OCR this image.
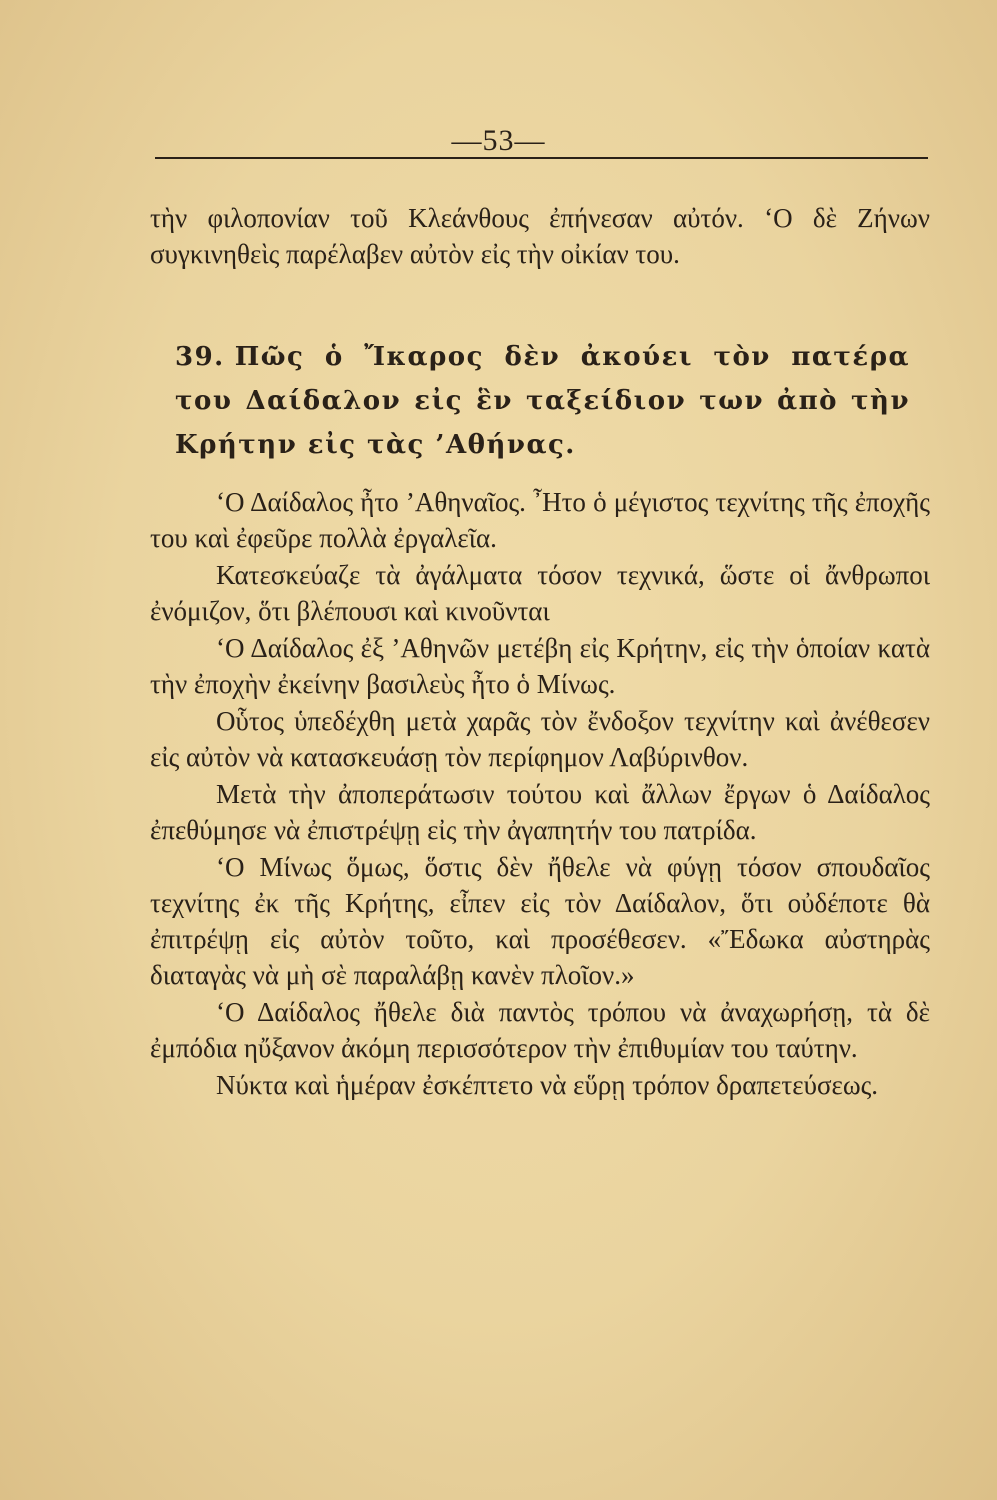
—53—
τὴν φιλοπονίαν τοῦ Κλεάνθους ἐπήνεσαν αὐτόν. ‘Ο δὲ Ζήνων συγκινηθεὶς παρέλαβεν αὐτὸν εἰς τὴν οἰκίαν του.
39. Πῶς ὁ Ἴκαρος δὲν ἀκούει τὸν πατέρα του Δαίδαλον εἰς ἓν ταξείδιον των ἀπὸ τὴν Κρήτην εἰς τὰς ’Αθήνας.

‘Ο Δαίδαλος ἦτο ’Αθηναῖος. ῏Ητο ὁ μέγιστος τεχνίτης τῆς ἐποχῆς του καὶ ἐφεῦρε πολλὰ ἐργαλεῖα.

Κατεσκεύαζε τὰ ἀγάλματα τόσον τεχνικά, ὥστε οἱ ἄνθρωποι ἐνόμιζον, ὅτι βλέπουσι καὶ κινοῦνται

‘Ο Δαίδαλος ἐξ ’Αθηνῶν μετέβη εἰς Κρήτην, εἰς τὴν ὁποίαν κατὰ τὴν ἐποχὴν ἐκείνην βασιλεὺς ἦτο ὁ Μίνως.

Οὗτος ὑπεδέχθη μετὰ χαρᾶς τὸν ἔνδοξον τεχνίτην καὶ ἀνέθεσεν εἰς αὐτὸν νὰ κατασκευάσῃ τὸν περίφημον Λαβύρινθον.

Μετὰ τὴν ἀποπεράτωσιν τούτου καὶ ἄλλων ἔργων ὁ Δαίδαλος ἐπεθύμησε νὰ ἐπιστρέψῃ εἰς τὴν ἀγαπητήν του πατρίδα.

‘Ο Μίνως ὅμως, ὅστις δὲν ἤθελε νὰ φύγῃ τόσον σπουδαῖος τεχνίτης ἐκ τῆς Κρήτης, εἶπεν εἰς τὸν Δαίδαλον, ὅτι οὐδέποτε θὰ ἐπιτρέψῃ εἰς αὐτὸν τοῦτο, καὶ προσέθεσεν. «Ἔδωκα αὐστηρὰς διαταγὰς νὰ μὴ σὲ παραλάβῃ κανὲν πλοῖον.»

‘Ο Δαίδαλος ἤθελε διὰ παντὸς τρόπου νὰ ἀναχωρήσῃ, τὰ δὲ ἐμπόδια ηὔξανον ἀκόμη περισσότερον τὴν ἐπιθυμίαν του ταύτην.

Νύκτα καὶ ἡμέραν ἐσκέπτετο νὰ εὕρῃ τρόπον δραπετεύσεως.
